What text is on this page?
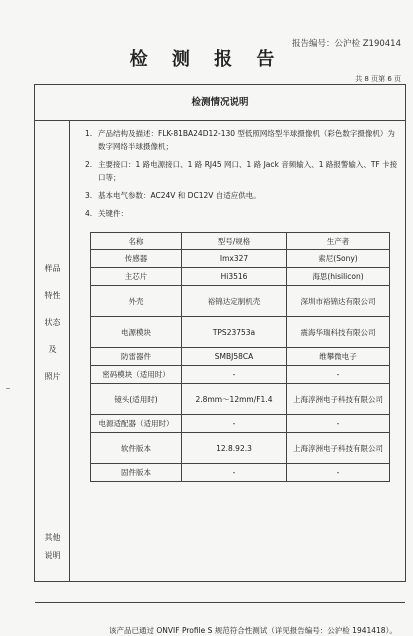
报告编号：公沪检 Z190414
检 测 报 告
共 8 页第 6 页
检测情况说明
样品
特性
状态
及
照片
其他
说明
1. 产品结构及描述：FLK-81BA24D12-130 型低照网络型半球摄像机（彩色数字摄像机）为数字网络半球摄像机；
2. 主要接口：1 路电源接口、1 路 RJ45 网口、1 路 Jack 音频输入、1 路报警输入、TF 卡接口等；
3. 基本电气参数：AC24V 和 DC12V 自适应供电。
4. 关键件：
该产品已通过 ONVIF Profile S 规范符合性测试（详见报告编号：公沪检 1941418）。
名称	型号/规格	生产者
传感器	Imx327	索尼(Sony)
主芯片	Hi3516	海思(hisilicon)
外壳	裕锦达定制机壳	深圳市裕锦达有限公司
电源模块	TPS23753a	震海华瑞科技有限公司
防雷器件	SMBJ58CA	维攀微电子
密码模块（适用时）	-	-
镜头(适用时)	2.8mm～12mm/F1.4	上海淳洲电子科技有限公司
电源适配器（适用时）	-	-
软件版本	12.8.92.3	上海淳洲电子科技有限公司
固件版本	-	-
